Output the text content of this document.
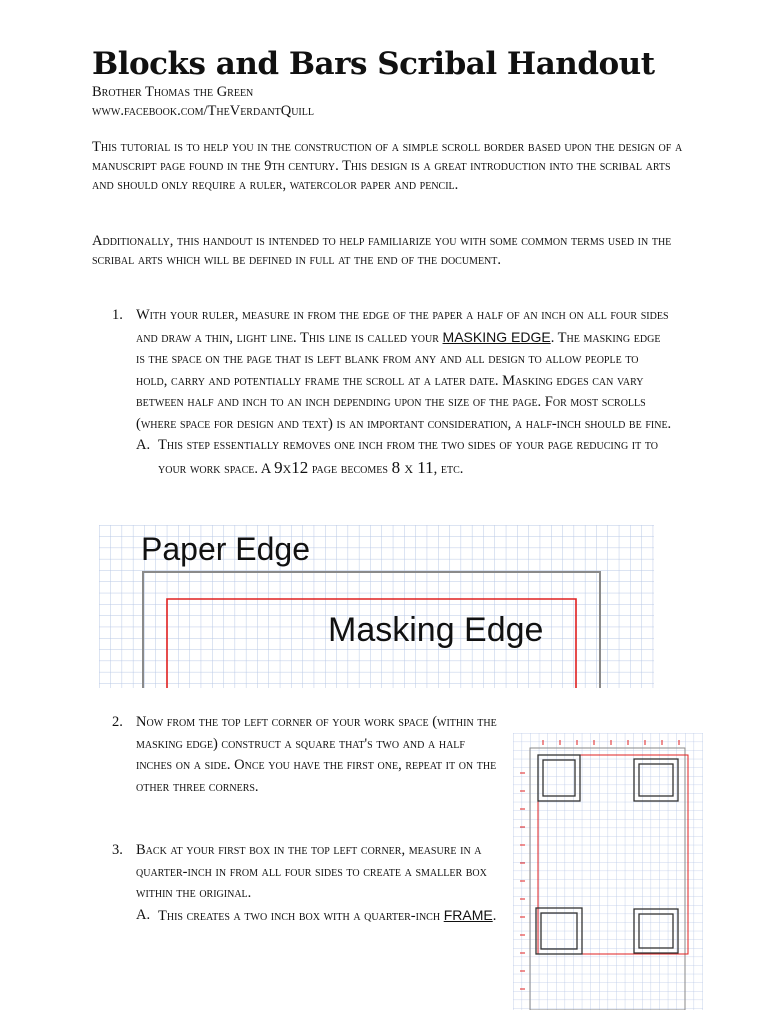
Blocks and Bars Scribal Handout
Brother Thomas the Green
www.facebook.com/TheVerdantQuill
This tutorial is to help you in the construction of a simple scroll border based upon the design of a manuscript page found in the 9th century. This design is a great introduction into the scribal arts and should only require a ruler, watercolor paper and pencil.
Additionally, this handout is intended to help familiarize you with some common terms used in the scribal arts which will be defined in full at the end of the document.
1. With your ruler, measure in from the edge of the paper a half of an inch on all four sides and draw a thin, light line. This line is called your MASKING EDGE. The masking edge is the space on the page that is left blank from any and all design to allow people to hold, carry and potentially frame the scroll at a later date. Masking edges can vary between half and inch to an inch depending upon the size of the page. For most scrolls (where space for design and text) is an important consideration, a half-inch should be fine.
A. This step essentially removes one inch from the two sides of your page reducing it to your work space. A 9x12 page becomes 8 x 11, etc.
Paper Edge
Masking Edge
2. Now from the top left corner of your work space (within the masking edge) construct a square that's two and a half inches on a side. Once you have the first one, repeat it on the other three corners.
3. Back at your first box in the top left corner, measure in a quarter-inch in from all four sides to create a smaller box within the original.
A. This creates a two inch box with a quarter-inch FRAME.
